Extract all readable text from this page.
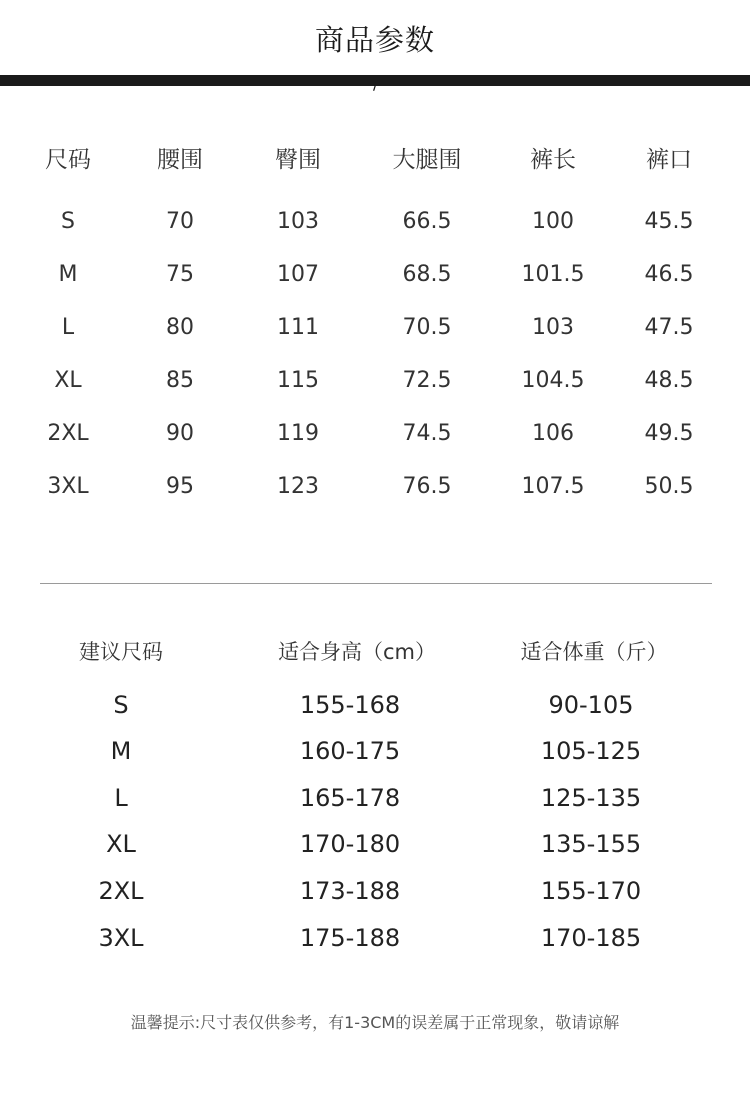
商品参数
/
尺码	腰围	臀围	大腿围	裤长	裤口
S	70	103	66.5	100	45.5
M	75	107	68.5	101.5	46.5
L	80	111	70.5	103	47.5
XL	85	115	72.5	104.5	48.5
2XL	90	119	74.5	106	49.5
3XL	95	123	76.5	107.5	50.5
建议尺码	适合身高（cm）	适合体重（斤）
S	155-168	90-105
M	160-175	105-125
L	165-178	125-135
XL	170-180	135-155
2XL	173-188	155-170
3XL	175-188	170-185
温馨提示:尺寸表仅供参考，有1-3CM的误差属于正常现象，敬请谅解
